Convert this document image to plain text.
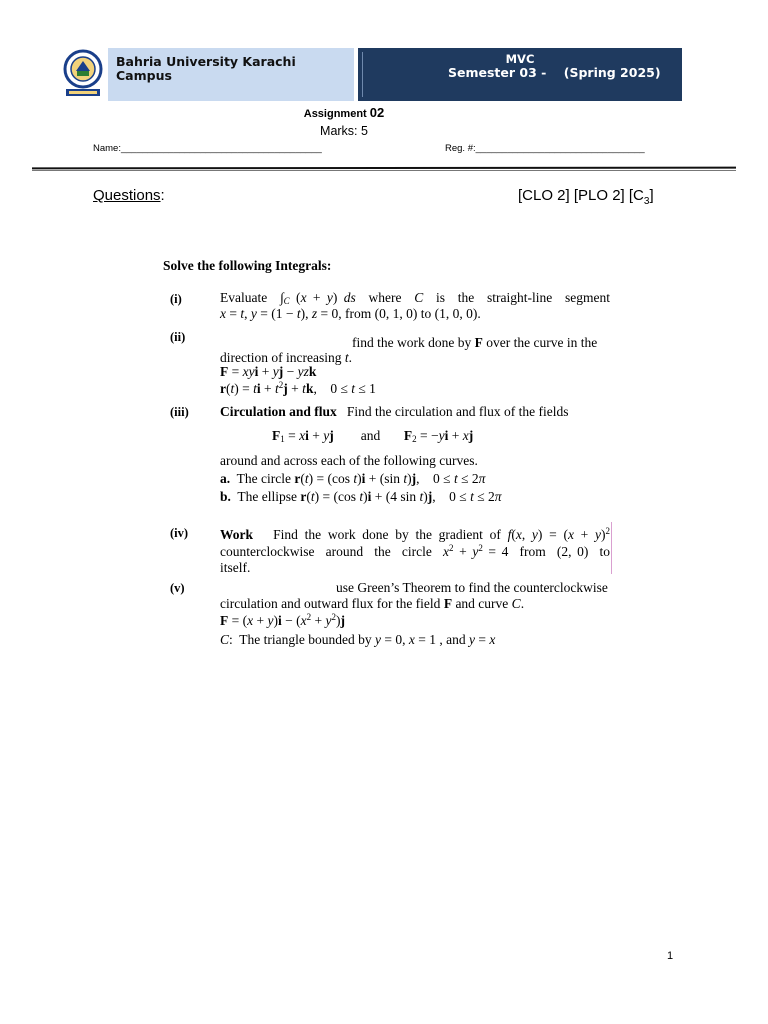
Bahria University Karachi
Campus
MVC
Semester 03 -    (Spring 2025)
Assignment 02
Marks: 5
Name:______________________________________	Reg. #:________________________________
Questions:	[CLO 2] [PLO 2] $[C_3]$
Solve the following Integrals:
(i)	Evaluate  $\int_C$ (x + y) ds  where  C  is  the  straight-line  segment
x = t, y = (1 − t), z = 0, from (0, 1, 0) to (1, 0, 0).
(ii)	find the work done by F over the curve in the
direction of increasing t.
F = xyi + yj − yzk
r(t) = ti + $t^2j$ + tk,    0 ≤ t ≤ 1
(iii) Circulation and flux   Find the circulation and flux of the fields
$F_1$ = xi + yj        and       $F_2 = -yi$ + xj
around and across each of the following curves.
a.  The circle r(t) = (cos t)i + (sin t)j,    0 ≤ t ≤ 2π
b.  The ellipse r(t) = (cos t)i + (4 sin t)j,    0 ≤ t ≤ 2π
(iv) Work   Find the work done by the gradient of f(x, $y) = (x + y)^2$
counterclockwise  around  the  circle  $x^2 + y^2 = 4$  from  (2, 0)  to
itself.
(v)	use Green’s Theorem to find the counterclockwise
circulation and outward flux for the field F and curve C.
$F = (x + y)i - (x^2 + y^2)j$
C:  The triangle bounded by y = 0, x = 1 , and y = x
1
